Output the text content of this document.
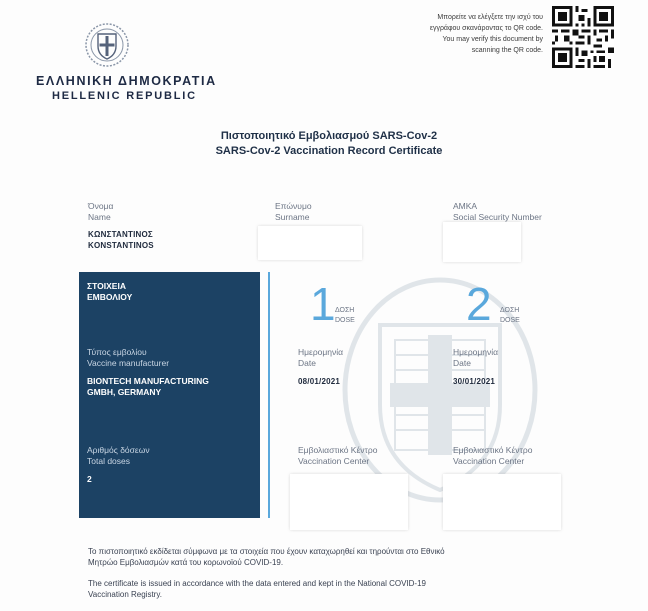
ΕΛΛΗΝΙΚΗ ΔΗΜΟΚΡΑΤΙΑ
HELLENIC REPUBLIC
Μπορείτε να ελέγξετε την ισχύ του
εγγράφου σκανάροντας το QR code.
You may verify this document by
scanning the QR code.
Πιστοποιητικό Εμβολιασμού SARS-Cov-2
SARS-Cov-2 Vaccination Record Certificate
Όνομα
Name
ΚΩΝΣΤΑΝΤΙΝΟΣ
KONSTANTINOS
Επώνυμο
Surname
ΑΜΚΑ
Social Security Number
ΣΤΟΙΧΕΙΑ
ΕΜΒΟΛΙΟΥ
Τύπος εμβολίου
Vaccine manufacturer
BIONTECH MANUFACTURING
GMBH, GERMANY
Αριθμός δόσεων
Total doses
2
1 ΔΟΣΗ
DOSE
Ημερομηνία
Date
08/01/2021
Εμβολιαστικό Κέντρο
Vaccination Center
2 ΔΟΣΗ
DOSE
Ημερομηνία
Date
30/01/2021
Εμβολιαστικό Κέντρο
Vaccination Center
Το πιστοποιητικό εκδίδεται σύμφωνα με τα στοιχεία που έχουν καταχωρηθεί και τηρούνται στο Εθνικό
Μητρώο Εμβολιασμών κατά του κορωνοϊού COVID-19.
The certificate is issued in accordance with the data entered and kept in the National COVID-19
Vaccination Registry.
